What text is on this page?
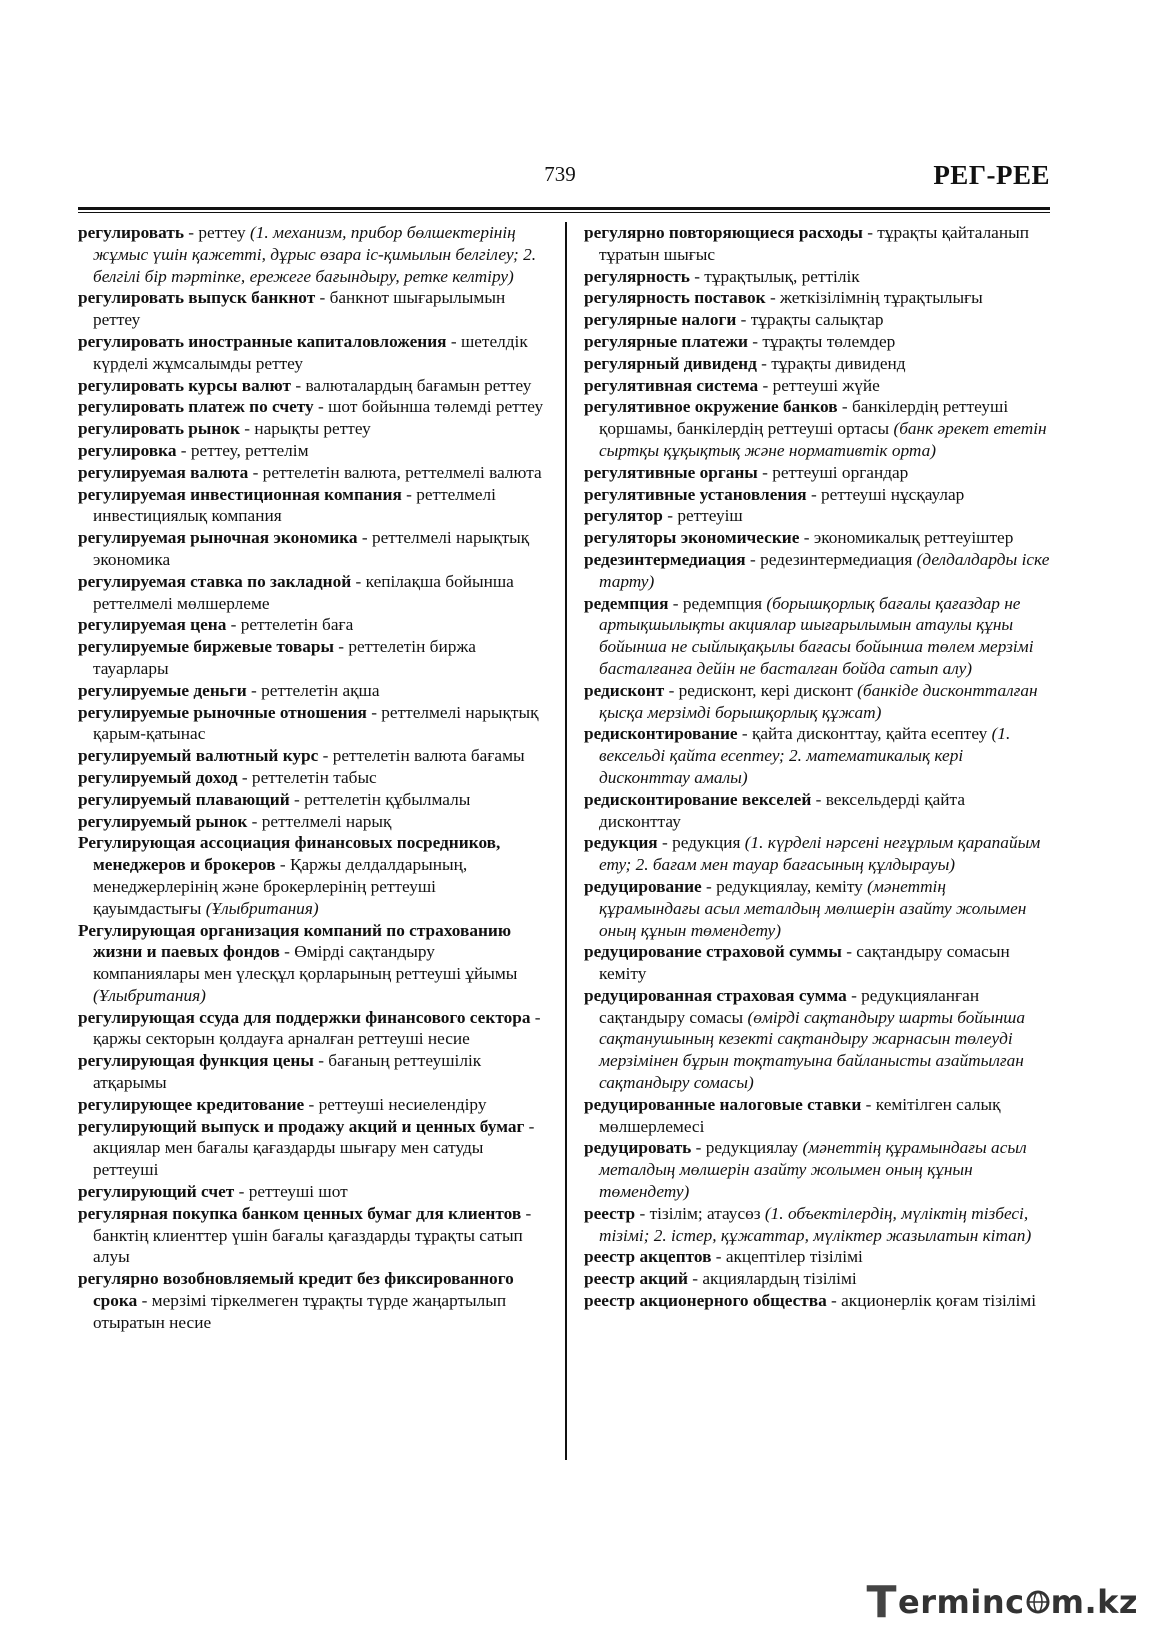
739	РЕГ-РЕЕ

регулировать - реттеу (1. механизм, прибор бөлшектерінің жұмыс үшін қажетті, дұрыс өзара іс-қимылын белгілеу; 2. белгілі бір тәртіпке, ережеге бағындыру, ретке келтіру)

регулировать выпуск банкнот - банкнот шығарылымын реттеу

регулировать иностранные капиталовложения - шетелдік күрделі жұмсалымды реттеу

регулировать курсы валют - валюталардың бағамын реттеу

регулировать платеж по счету - шот бойынша төлемді реттеу

регулировать рынок - нарықты реттеу

регулировка - реттеу, реттелім

регулируемая валюта - реттелетін валюта, реттелмелі валюта

регулируемая инвестиционная компания - реттелмелі инвестициялық компания

регулируемая рыночная экономика - реттелмелі нарықтық экономика

регулируемая ставка по закладной - кепілақша бойынша реттелмелі мөлшерлеме

регулируемая цена - реттелетін баға

регулируемые биржевые товары - реттелетін биржа тауарлары

регулируемые деньги - реттелетін ақша

регулируемые рыночные отношения - реттелмелі нарықтық қарым-қатынас

регулируемый валютный курс - реттелетін валюта бағамы

регулируемый доход - реттелетін табыс

регулируемый плавающий - реттелетін құбылмалы

регулируемый рынок - реттелмелі нарық

Регулирующая ассоциация финансовых посредников, менеджеров и брокеров - Қаржы делдалдарының, менеджерлерінің және брокерлерінің реттеуші қауымдастығы (Ұлыбритания)

Регулирующая организация компаний по страхованию жизни и паевых фондов - Өмірді сақтандыру компаниялары мен үлесқұл қорларының реттеуші ұйымы (Ұлыбритания)

регулирующая ссуда для поддержки финансового сектора - қаржы секторын қолдауға арналған реттеуші несие

регулирующая функция цены - бағаның реттеушілік атқарымы

регулирующее кредитование - реттеуші несиелендіру

регулирующий выпуск и продажу акций и ценных бумаг - акциялар мен бағалы қағаздарды шығару мен сатуды реттеуші

регулирующий счет - реттеуші шот

регулярная покупка банком ценных бумаг для клиентов - банктің клиенттер үшін бағалы қағаздарды тұрақты сатып алуы

регулярно возобновляемый кредит без фиксированного срока - мерзімі тіркелмеген тұрақты түрде жаңартылып отыратын несие

регулярно повторяющиеся расходы - тұрақты қайталанып тұратын шығыс

регулярность - тұрақтылық, реттілік

регулярность поставок - жеткізілімнің тұрақтылығы

регулярные налоги - тұрақты салықтар

регулярные платежи - тұрақты төлемдер

регулярный дивиденд - тұрақты дивиденд

регулятивная система - реттеуші жүйе

регулятивное окружение банков - банкілердің реттеуші қоршамы, банкілердің реттеуші ортасы (банк әрекет ететін сыртқы құқықтық және нормативтік орта)

регулятивные органы - реттеуші органдар

регулятивные установления - реттеуші нұсқаулар

регулятор - реттеуіш

регуляторы экономические - экономикалық реттеуіштер

редезинтермедиация - редезинтермедиация (делдалдарды іске тарту)

редемпция - редемпция (борышқорлық бағалы қағаздар не артықшылықты акциялар шығарылымын атаулы құны бойынша не сыйлықақылы бағасы бойынша төлем мерзімі басталғанға дейін не басталған бойда сатып алу)

редисконт - редисконт, кері дисконт (банкіде дисконтталған қысқа мерзімді борышқорлық құжат)

редисконтирование - қайта дисконттау, қайта есептеу (1. вексельді қайта есептеу; 2. математикалық кері дисконттау амалы)

редисконтирование векселей - вексельдерді қайта дисконттау

редукция - редукция (1. күрделі нәрсені неғұрлым қарапайым ету; 2. бағам мен тауар бағасының құлдырауы)

редуцирование - редукциялау, кеміту (мәнеттің құрамындағы асыл металдың мөлшерін азайту жолымен оның құнын төмендету)

редуцирование страховой суммы - сақтандыру сомасын кеміту

редуцированная страховая сумма - редукцияланған сақтандыру сомасы (өмірді сақтандыру шарты бойынша сақтанушының кезекті сақтандыру жарнасын төлеуді мерзімінен бұрын тоқтатуына байланысты азайтылған сақтандыру сомасы)

редуцированные налоговые ставки - кемітілген салық мөлшерлемесі

редуцировать - редукциялау (мәнеттің құрамындағы асыл металдың мөлшерін азайту жолымен оның құнын төмендету)

реестр - тізілім; атаусөз (1. объектілердің, мүліктің тізбесі, тізімі; 2. істер, құжаттар, мүліктер жазылатын кітап)

реестр акцептов - акцептілер тізілімі

реестр акций - акциялардың тізілімі

реестр акционерного общества - акционерлік қоғам тізілімі

T erminc m.kz
